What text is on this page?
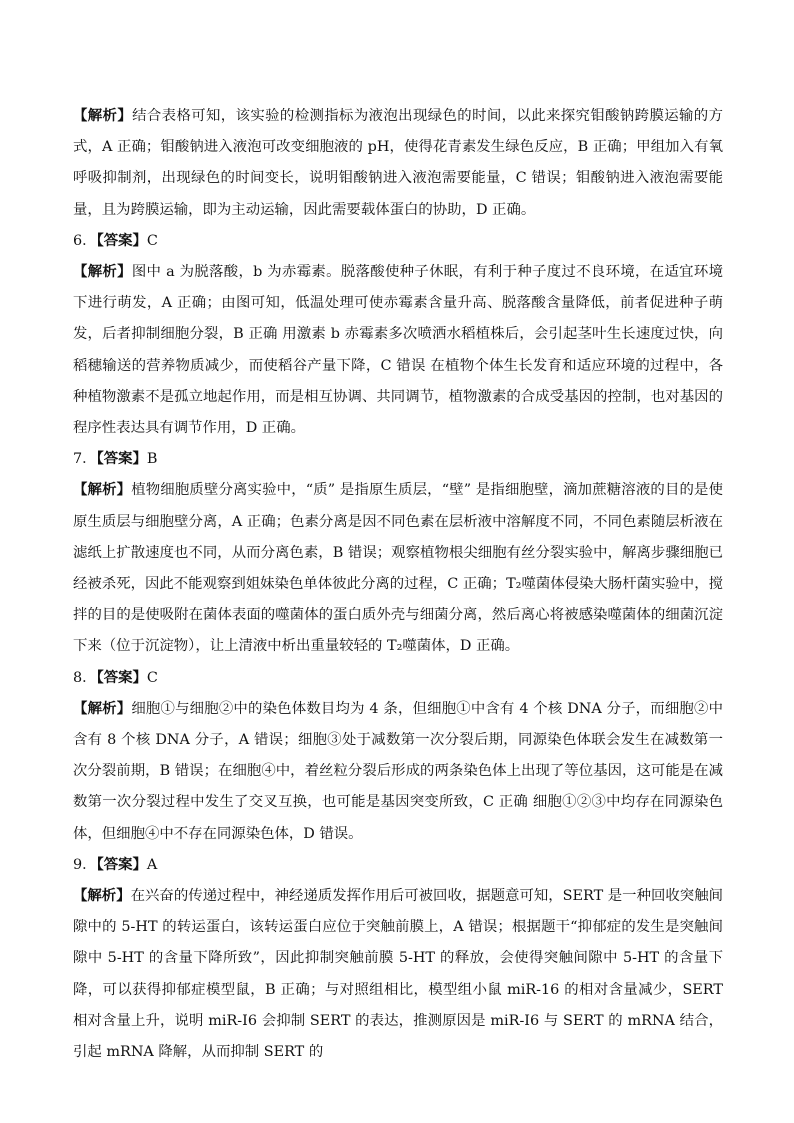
【解析】结合表格可知，该实验的检测指标为液泡出现绿色的时间，以此来探究钼酸钠跨膜运输的方式，A 正确；钼酸钠进入液泡可改变细胞液的 pH，使得花青素发生绿色反应，B 正确；甲组加入有氧呼吸抑制剂，出现绿色的时间变长，说明钼酸钠进入液泡需要能量，C 错误；钼酸钠进入液泡需要能量，且为跨膜运输，即为主动运输，因此需要载体蛋白的协助，D 正确。

6．【答案】C

【解析】图中 a 为脱落酸，b 为赤霉素。脱落酸使种子休眠，有利于种子度过不良环境，在适宜环境下进行萌发，A 正确；由图可知，低温处理可使赤霉素含量升高、脱落酸含量降低，前者促进种子萌发，后者抑制细胞分裂，B 正确 用激素 b 赤霉素多次喷洒水稻植株后，会引起茎叶生长速度过快，向稻穗输送的营养物质减少，而使稻谷产量下降，C 错误 在植物个体生长发育和适应环境的过程中，各种植物激素不是孤立地起作用，而是相互协调、共同调节，植物激素的合成受基因的控制，也对基因的程序性表达具有调节作用，D 正确。

7．【答案】B

【解析】植物细胞质壁分离实验中，“质” 是指原生质层，“壁” 是指细胞壁，滴加蔗糖溶液的目的是使原生质层与细胞壁分离，A 正确；色素分离是因不同色素在层析液中溶解度不同，不同色素随层析液在滤纸上扩散速度也不同，从而分离色素，B 错误；观察植物根尖细胞有丝分裂实验中，解离步骤细胞已经被杀死，因此不能观察到姐妹染色单体彼此分离的过程，C 正确；T₂噬菌体侵染大肠杆菌实验中，搅拌的目的是使吸附在菌体表面的噬菌体的蛋白质外壳与细菌分离，然后离心将被感染噬菌体的细菌沉淀下来（位于沉淀物），让上清液中析出重量较轻的 T₂噬菌体，D 正确。

8．【答案】C

【解析】细胞①与细胞②中的染色体数目均为 4 条，但细胞①中含有 4 个核 DNA 分子，而细胞②中含有 8 个核 DNA 分子，A 错误；细胞③处于减数第一次分裂后期，同源染色体联会发生在减数第一次分裂前期，B 错误；在细胞④中，着丝粒分裂后形成的两条染色体上出现了等位基因，这可能是在减数第一次分裂过程中发生了交叉互换，也可能是基因突变所致，C 正确 细胞①②③中均存在同源染色体，但细胞④中不存在同源染色体，D 错误。

9．【答案】A

【解析】在兴奋的传递过程中，神经递质发挥作用后可被回收，据题意可知，SERT 是一种回收突触间隙中的 5-HT 的转运蛋白，该转运蛋白应位于突触前膜上，A 错误；根据题干“抑郁症的发生是突触间隙中 5-HT 的含量下降所致”，因此抑制突触前膜 5-HT 的释放，会使得突触间隙中 5-HT 的含量下降，可以获得抑郁症模型鼠，B 正确；与对照组相比，模型组小鼠 miR-16 的相对含量减少，SERT 相对含量上升，说明 miR-I6 会抑制 SERT 的表达，推测原因是 miR-I6 与 SERT 的 mRNA 结合，引起 mRNA 降解，从而抑制 SERT 的
